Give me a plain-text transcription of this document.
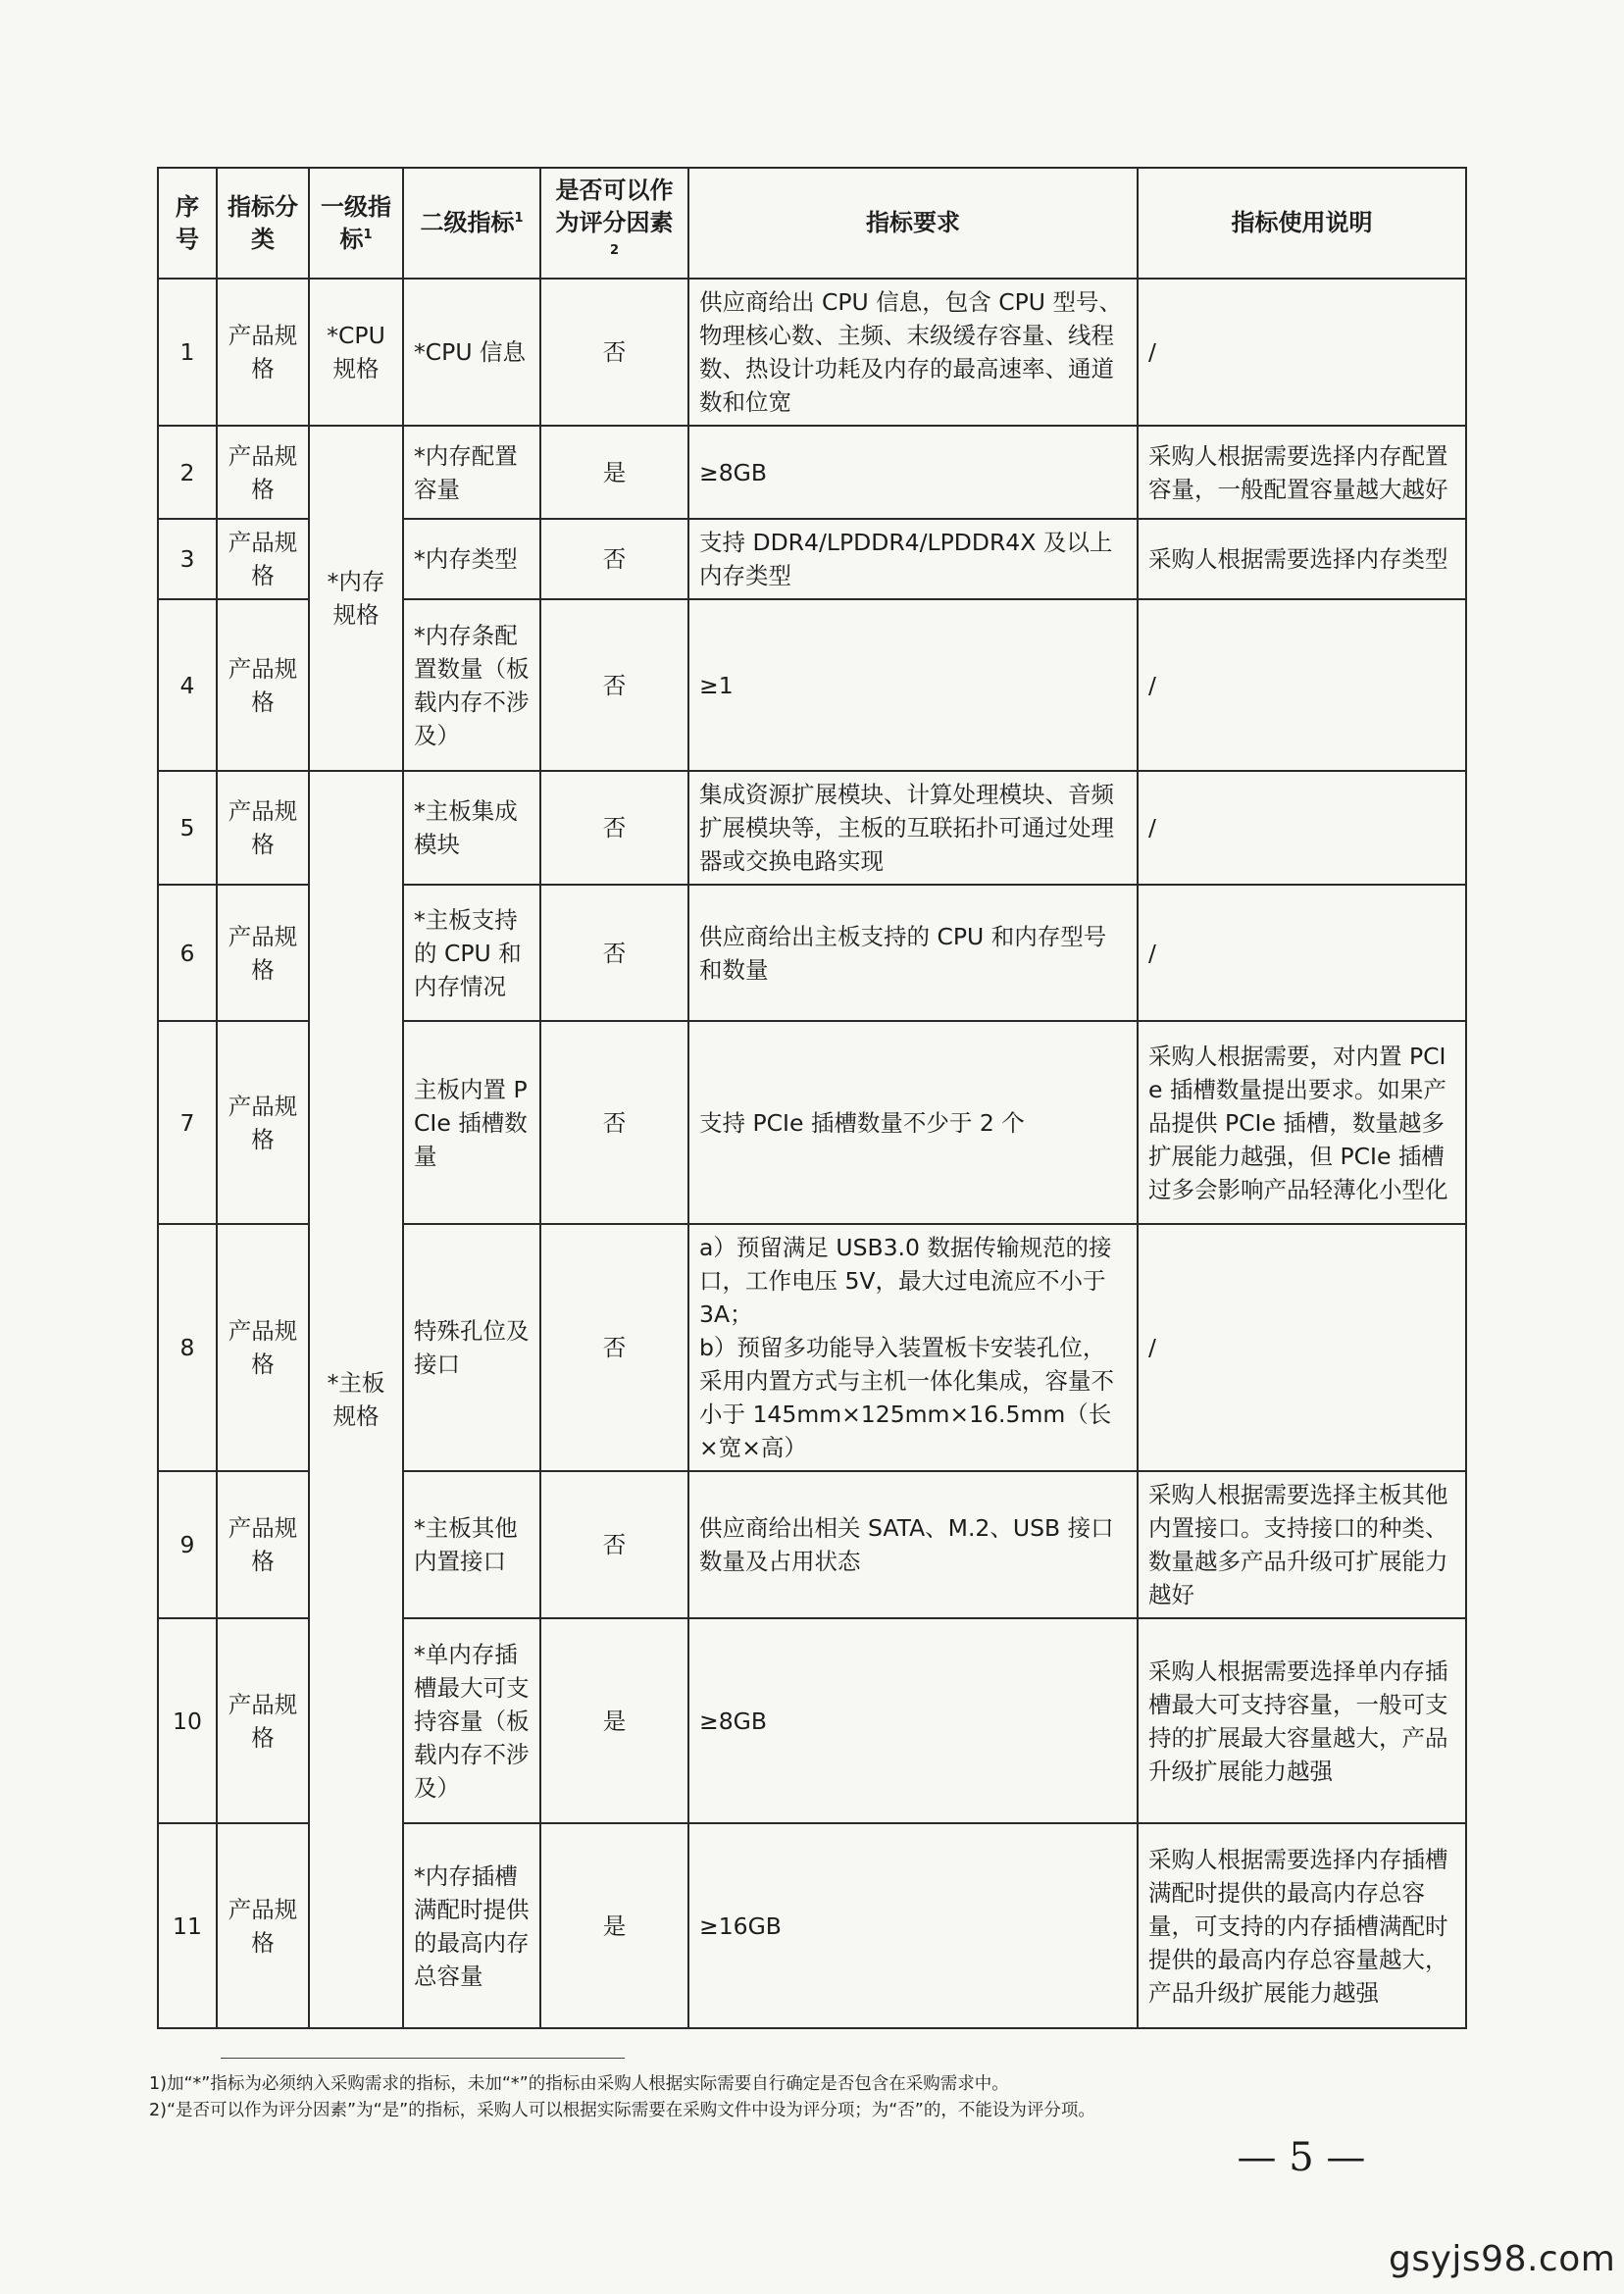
序号	指标分类	一级指标$^1$	二级指标$^1$	是否可以作为评分因素$^2$	指标要求	指标使用说明
1	产品规格	*CPU规格	*CPU 信息	否	供应商给出 CPU 信息，包含 CPU 型号、物理核心数、主频、末级缓存容量、线程数、热设计功耗及内存的最高速率、通道数和位宽	/
2	产品规格	*内存规格	*内存配置容量	是	≥8GB	采购人根据需要选择内存配置容量，一般配置容量越大越好
3	产品规格		*内存类型	否	支持 DDR4/LPDDR4/LPDDR4X 及以上内存类型	采购人根据需要选择内存类型
4	产品规格		*内存条配置数量（板载内存不涉及）	否	≥1	/
5	产品规格	*主板规格	*主板集成模块	否	集成资源扩展模块、计算处理模块、音频扩展模块等，主板的互联拓扑可通过处理器或交换电路实现	/
6	产品规格		*主板支持的 CPU 和内存情况	否	供应商给出主板支持的 CPU 和内存型号和数量	/
7	产品规格		主板内置 PCIe 插槽数量	否	支持 PCIe 插槽数量不少于 2 个	采购人根据需要，对内置 PCIe 插槽数量提出要求。如果产品提供 PCIe 插槽，数量越多扩展能力越强，但 PCIe 插槽过多会影响产品轻薄化小型化
8	产品规格		特殊孔位及接口	否	a）预留满足 USB3.0 数据传输规范的接口，工作电压 5V，最大过电流应不小于 3A；
b）预留多功能导入装置板卡安装孔位，采用内置方式与主机一体化集成，容量不小于 145mm×125mm×16.5mm（长×宽×高）	/
9	产品规格		*主板其他内置接口	否	供应商给出相关 SATA、M.2、USB 接口数量及占用状态	采购人根据需要选择主板其他内置接口。支持接口的种类、数量越多产品升级可扩展能力越好
10	产品规格		*单内存插槽最大可支持容量（板载内存不涉及）	是	≥8GB	采购人根据需要选择单内存插槽最大可支持容量，一般可支持的扩展最大容量越大，产品升级扩展能力越强
11	产品规格		*内存插槽满配时提供的最高内存总容量	是	≥16GB	采购人根据需要选择内存插槽满配时提供的最高内存总容量，可支持的内存插槽满配时提供的最高内存总容量越大，产品升级扩展能力越强
1)加“*”指标为必须纳入采购需求的指标，未加“*”的指标由采购人根据实际需要自行确定是否包含在采购需求中。
2)“是否可以作为评分因素”为“是”的指标，采购人可以根据实际需要在采购文件中设为评分项；为“否”的，不能设为评分项。
— 5 —
gsyjs98.com
